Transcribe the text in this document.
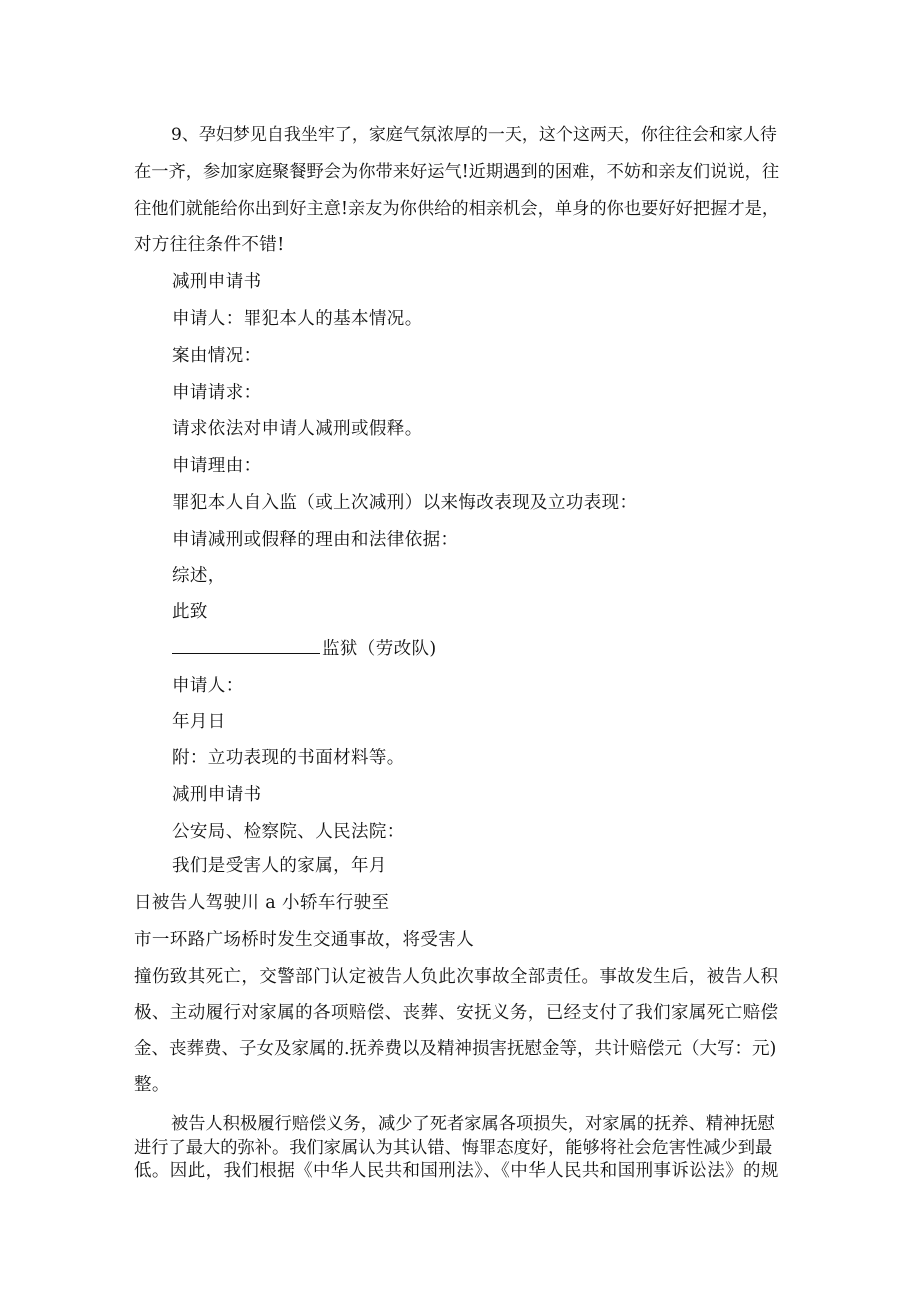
9、孕妇梦见自我坐牢了，家庭气氛浓厚的一天，这个这两天，你往往会和家人待
在一齐，参加家庭聚餐野会为你带来好运气!近期遇到的困难，不妨和亲友们说说，往
往他们就能给你出到好主意!亲友为你供给的相亲机会，单身的你也要好好把握才是，
对方往往条件不错!
减刑申请书
申请人：罪犯本人的基本情况。
案由情况：
申请请求：
请求依法对申请人减刑或假释。
申请理由：
罪犯本人自入监（或上次减刑）以来悔改表现及立功表现：
申请减刑或假释的理由和法律依据：
综述，
此致
监狱（劳改队)
申请人：
年月日
附：立功表现的书面材料等。
减刑申请书
公安局、检察院、人民法院：
我们是受害人的家属，年月
日被告人驾驶川 a 小轿车行驶至
市一环路广场桥时发生交通事故，将受害人
撞伤致其死亡，交警部门认定被告人负此次事故全部责任。事故发生后，被告人积
极、主动履行对家属的各项赔偿、丧葬、安抚义务，已经支付了我们家属死亡赔偿
金、丧葬费、子女及家属的.抚养费以及精神损害抚慰金等，共计赔偿元（大写：元)
整。
被告人积极履行赔偿义务，减少了死者家属各项损失，对家属的抚养、精神抚慰
进行了最大的弥补。我们家属认为其认错、悔罪态度好，能够将社会危害性减少到最
低。因此，我们根据《中华人民共和国刑法》、《中华人民共和国刑事诉讼法》的规
